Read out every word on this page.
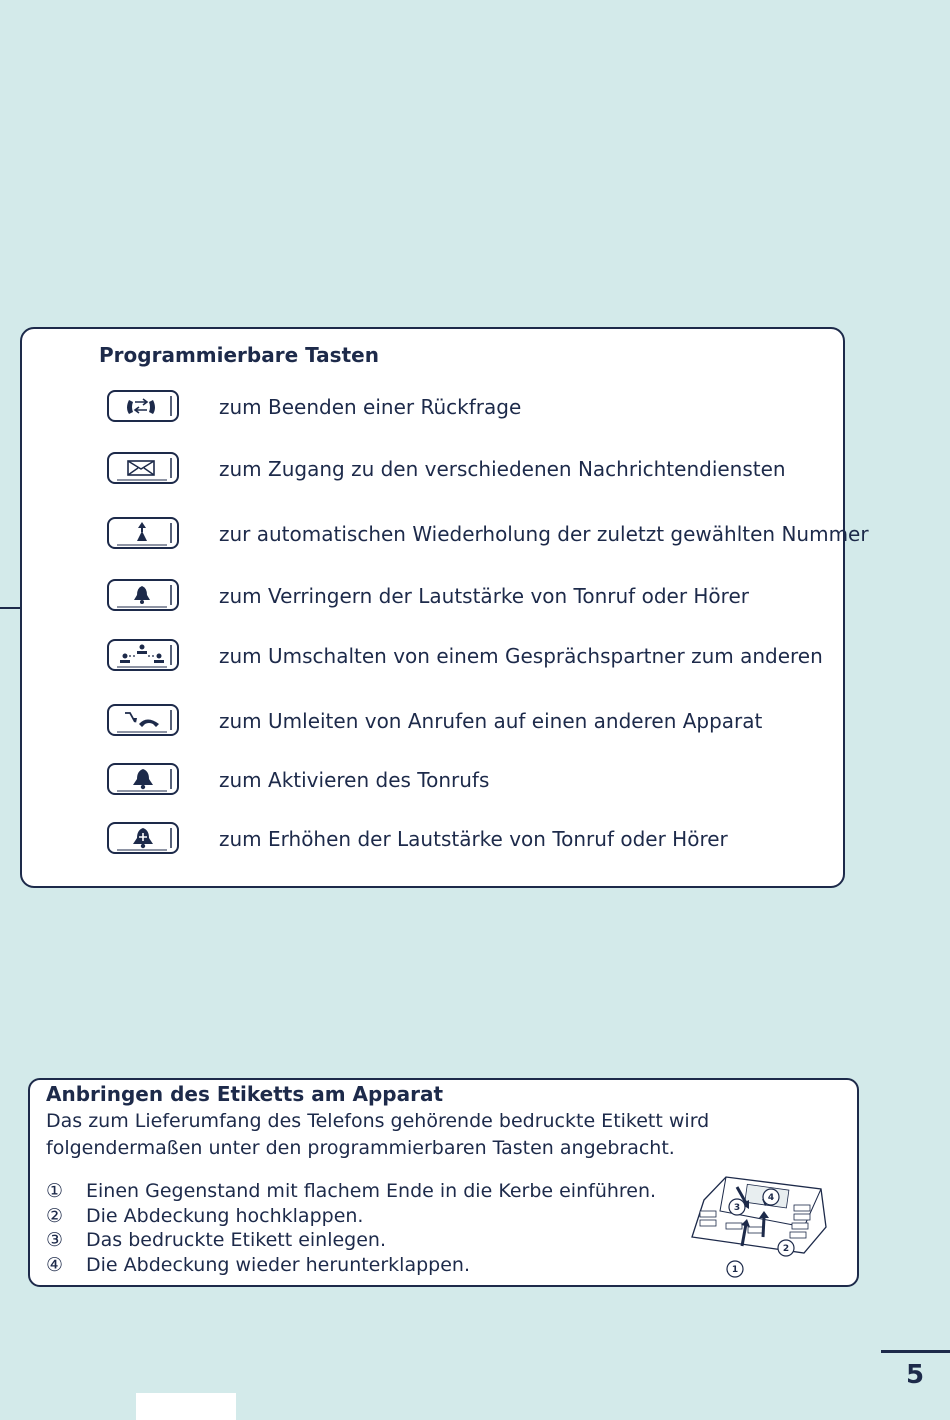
Programmierbare Tasten
zum Beenden einer Rückfrage
zum Zugang zu den verschiedenen Nachrichtendiensten
zur automatischen Wiederholung der zuletzt gewählten Nummer
zum Verringern der Lautstärke von Tonruf oder Hörer
zum Umschalten von einem Gesprächspartner zum anderen
zum Umleiten von Anrufen auf einen anderen Apparat
zum Aktivieren des Tonrufs
zum Erhöhen der Lautstärke von Tonruf oder Hörer
Anbringen des Etiketts am Apparat

Das zum Lieferumfang des Telefons gehörende bedruckte Etikett wird folgendermaßen unter den programmierbaren Tasten angebracht.

① Einen Gegenstand mit flachem Ende in die Kerbe einführen.
② Die Abdeckung hochklappen.
③ Das bedruckte Etikett einlegen.
④ Die Abdeckung wieder herunterklappen.	1
2
3
4
5
